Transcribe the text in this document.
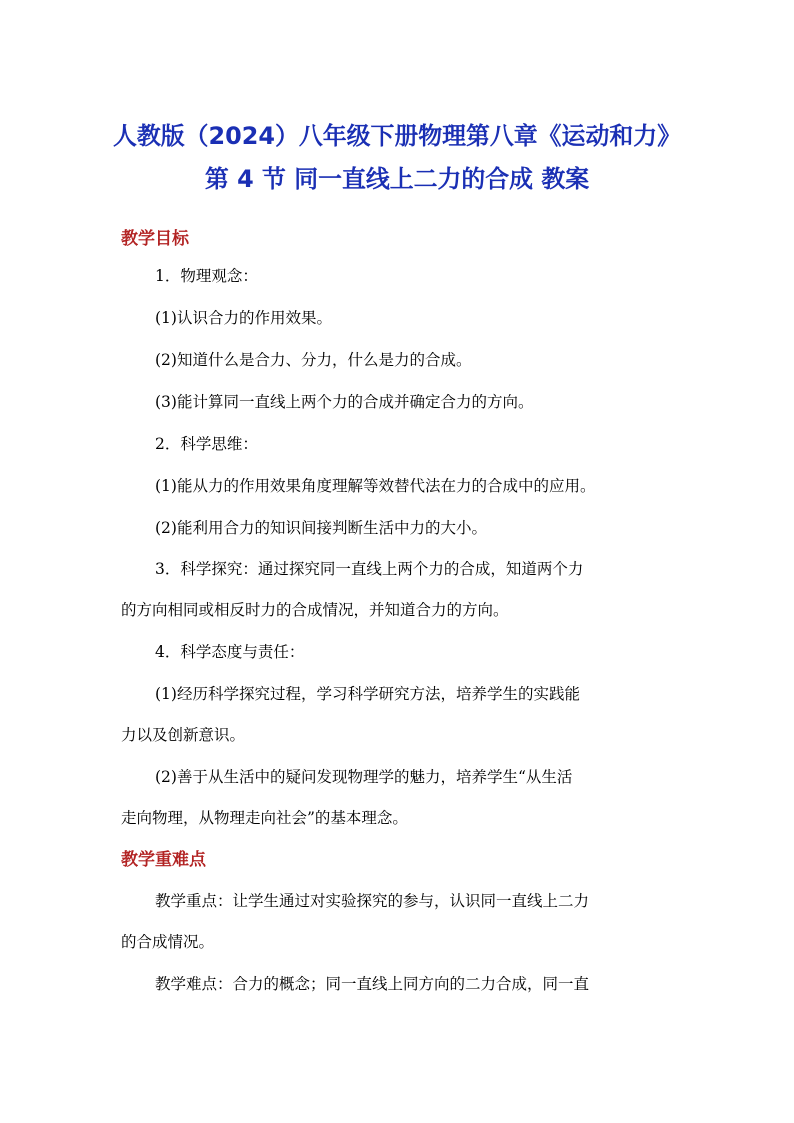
人教版（2024）八年级下册物理第八章《运动和力》
第 4 节 同一直线上二力的合成 教案
教学目标
1．物理观念：
(1)认识合力的作用效果。
(2)知道什么是合力、分力，什么是力的合成。
(3)能计算同一直线上两个力的合成并确定合力的方向。
2．科学思维：
(1)能从力的作用效果角度理解等效替代法在力的合成中的应用。
(2)能利用合力的知识间接判断生活中力的大小。
3．科学探究：通过探究同一直线上两个力的合成，知道两个力
的方向相同或相反时力的合成情况，并知道合力的方向。
4．科学态度与责任：
(1)经历科学探究过程，学习科学研究方法，培养学生的实践能
力以及创新意识。
(2)善于从生活中的疑问发现物理学的魅力，培养学生“从生活
走向物理，从物理走向社会”的基本理念。
教学重难点
教学重点：让学生通过对实验探究的参与，认识同一直线上二力
的合成情况。
教学难点：合力的概念；同一直线上同方向的二力合成，同一直
